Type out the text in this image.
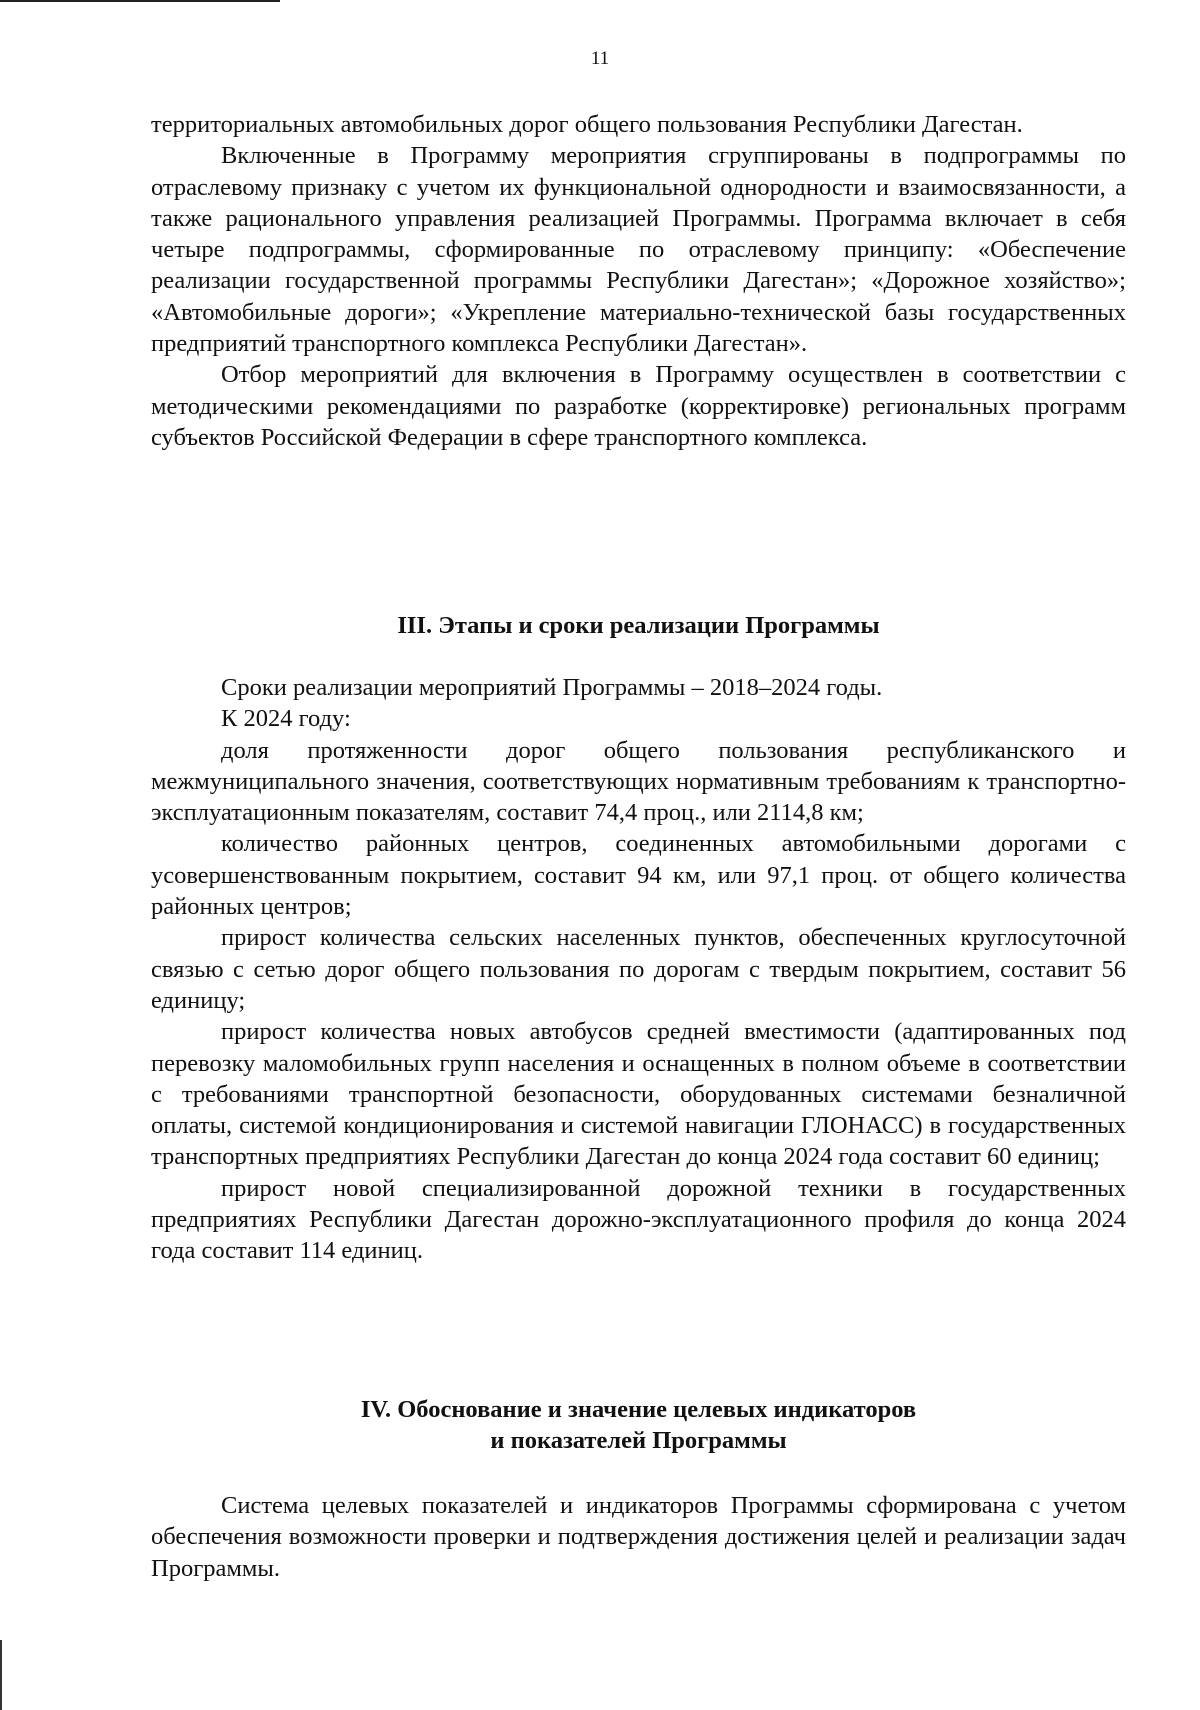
11

территориальных автомобильных дорог общего пользования Республики Дагестан.

Включенные в Программу мероприятия сгруппированы в подпрограммы по отраслевому признаку с учетом их функциональной однородности и взаимосвязанности, а также рационального управления реализацией Программы. Программа включает в себя четыре подпрограммы, сформированные по отраслевому принципу: «Обеспечение реализации государственной программы Республики Дагестан»; «Дорожное хозяйство»; «Автомобильные дороги»; «Укрепление материально-технической базы государственных предприятий транспортного комплекса Республики Дагестан».

Отбор мероприятий для включения в Программу осуществлен в соответствии с методическими рекомендациями по разработке (корректировке) региональных программ субъектов Российской Федерации в сфере транспортного комплекса.

III. Этапы и сроки реализации Программы

Сроки реализации мероприятий Программы – 2018–2024 годы.

К 2024 году:

доля протяженности дорог общего пользования республиканского и межмуниципального значения, соответствующих нормативным требованиям к транспортно-эксплуатационным показателям, составит 74,4 проц., или 2114,8 км;

количество районных центров, соединенных автомобильными дорогами с усовершенствованным покрытием, составит 94 км, или 97,1 проц. от общего количества районных центров;

прирост количества сельских населенных пунктов, обеспеченных круглосуточной связью с сетью дорог общего пользования по дорогам с твердым покрытием, составит 56 единицу;

прирост количества новых автобусов средней вместимости (адаптированных под перевозку маломобильных групп населения и оснащенных в полном объеме в соответствии с требованиями транспортной безопасности, оборудованных системами безналичной оплаты, системой кондиционирования и системой навигации ГЛОНАСС) в государственных транспортных предприятиях Республики Дагестан до конца 2024 года составит 60 единиц;

прирост новой специализированной дорожной техники в государственных предприятиях Республики Дагестан дорожно-эксплуатационного профиля до конца 2024 года составит 114 единиц.

IV. Обоснование и значение целевых индикаторов
и показателей Программы

Система целевых показателей и индикаторов Программы сформирована с учетом обеспечения возможности проверки и подтверждения достижения целей и реализации задач Программы.
